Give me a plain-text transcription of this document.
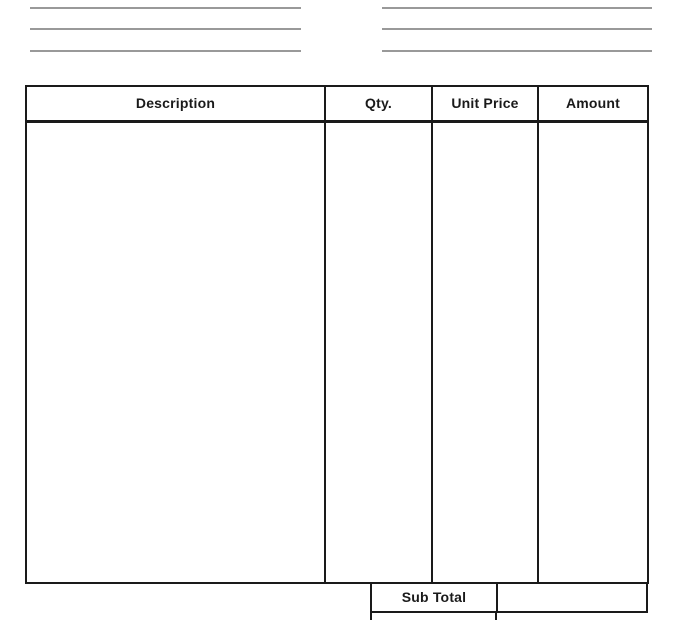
Description	Qty.	Unit Price	Amount
Sub Total
